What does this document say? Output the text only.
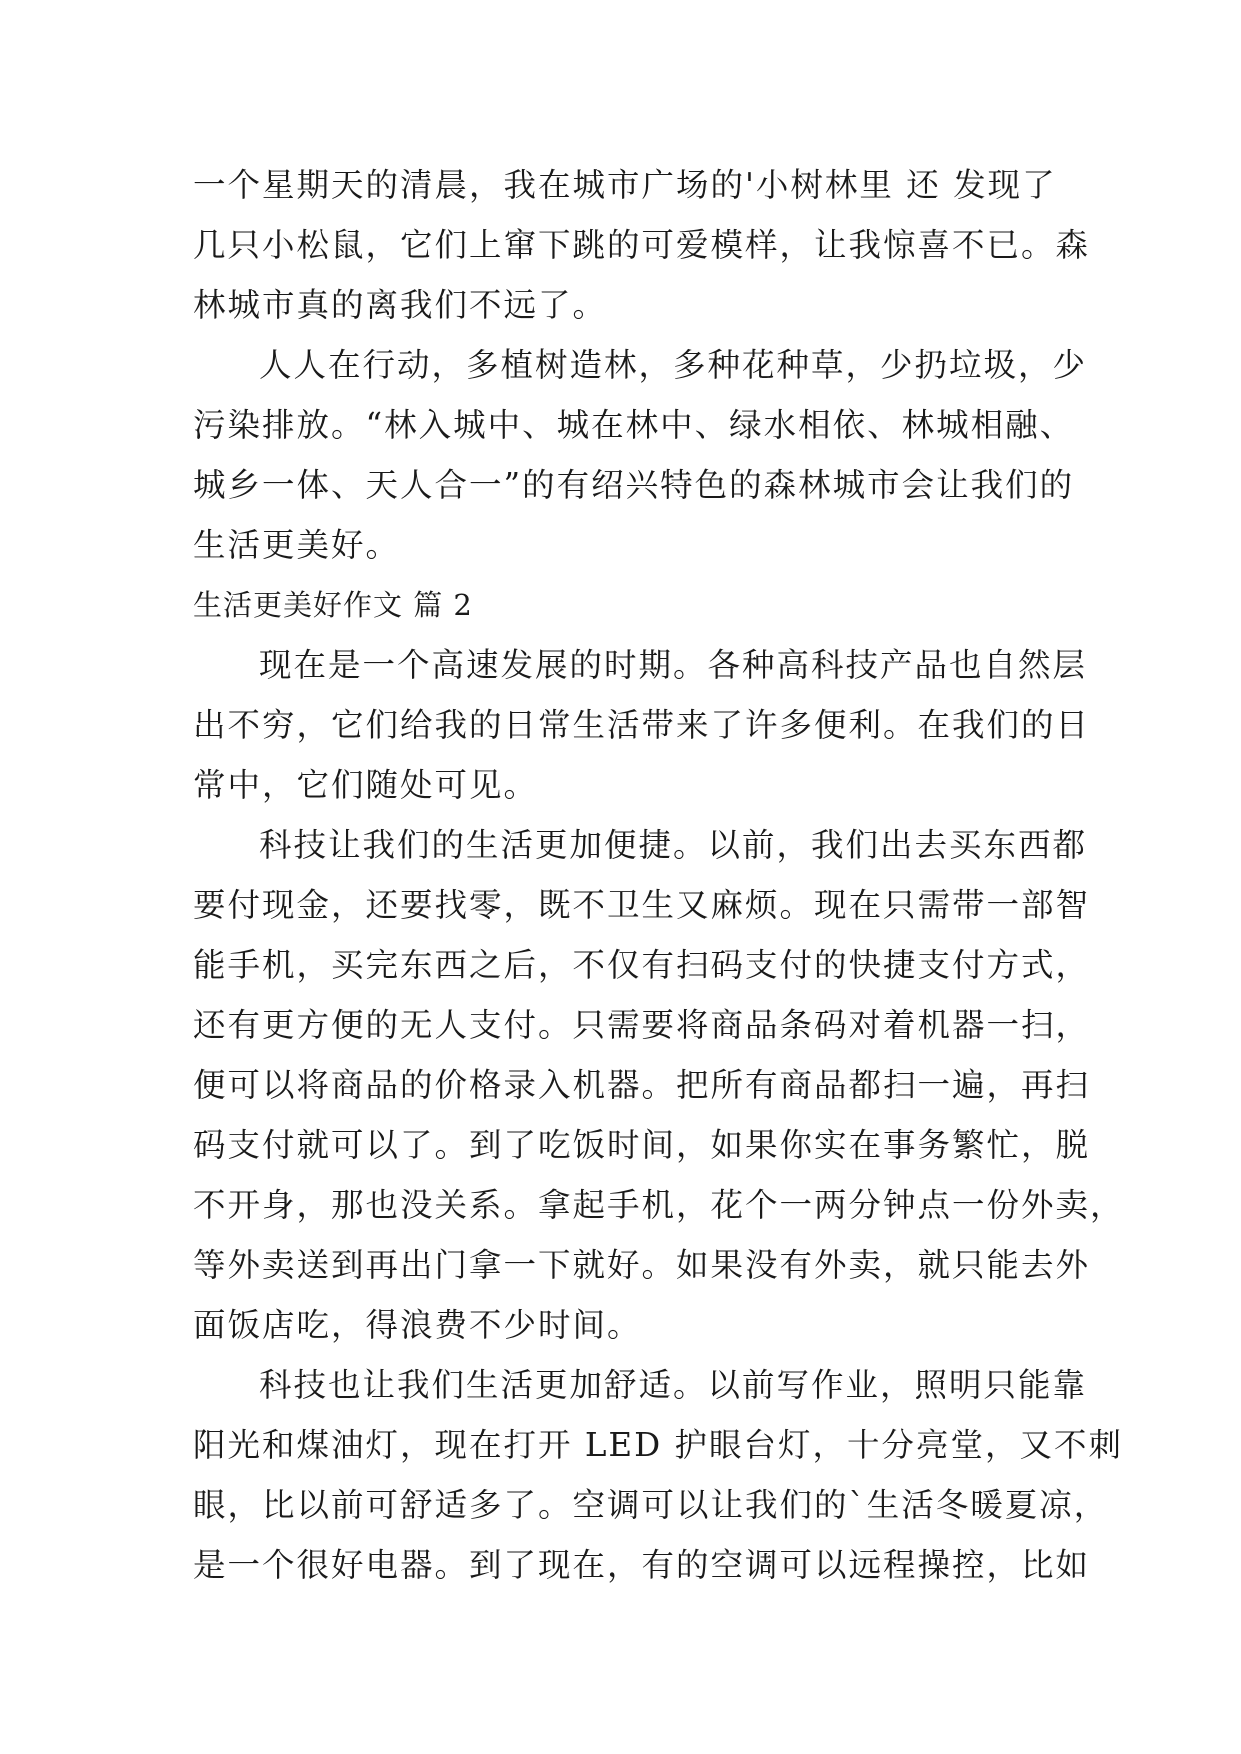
一个星期天的清晨，我在城市广场的'小树林里 还 发现了
几只小松鼠，它们上窜下跳的可爱模样，让我惊喜不已。森
林城市真的离我们不远了。
人人在行动，多植树造林，多种花种草，少扔垃圾，少
污染排放。“林入城中、城在林中、绿水相依、林城相融、
城乡一体、天人合一”的有绍兴特色的森林城市会让我们的
生活更美好。
生活更美好作文 篇 2
现在是一个高速发展的时期。各种高科技产品也自然层
出不穷，它们给我的日常生活带来了许多便利。在我们的日
常中，它们随处可见。
科技让我们的生活更加便捷。以前，我们出去买东西都
要付现金，还要找零，既不卫生又麻烦。现在只需带一部智
能手机，买完东西之后，不仅有扫码支付的快捷支付方式，
还有更方便的无人支付。只需要将商品条码对着机器一扫，
便可以将商品的价格录入机器。把所有商品都扫一遍，再扫
码支付就可以了。到了吃饭时间，如果你实在事务繁忙，脱
不开身，那也没关系。拿起手机，花个一两分钟点一份外卖，
等外卖送到再出门拿一下就好。如果没有外卖，就只能去外
面饭店吃，得浪费不少时间。
科技也让我们生活更加舒适。以前写作业，照明只能靠
阳光和煤油灯，现在打开 LED 护眼台灯，十分亮堂，又不刺
眼，比以前可舒适多了。空调可以让我们的`生活冬暖夏凉，
是一个很好电器。到了现在，有的空调可以远程操控，比如
